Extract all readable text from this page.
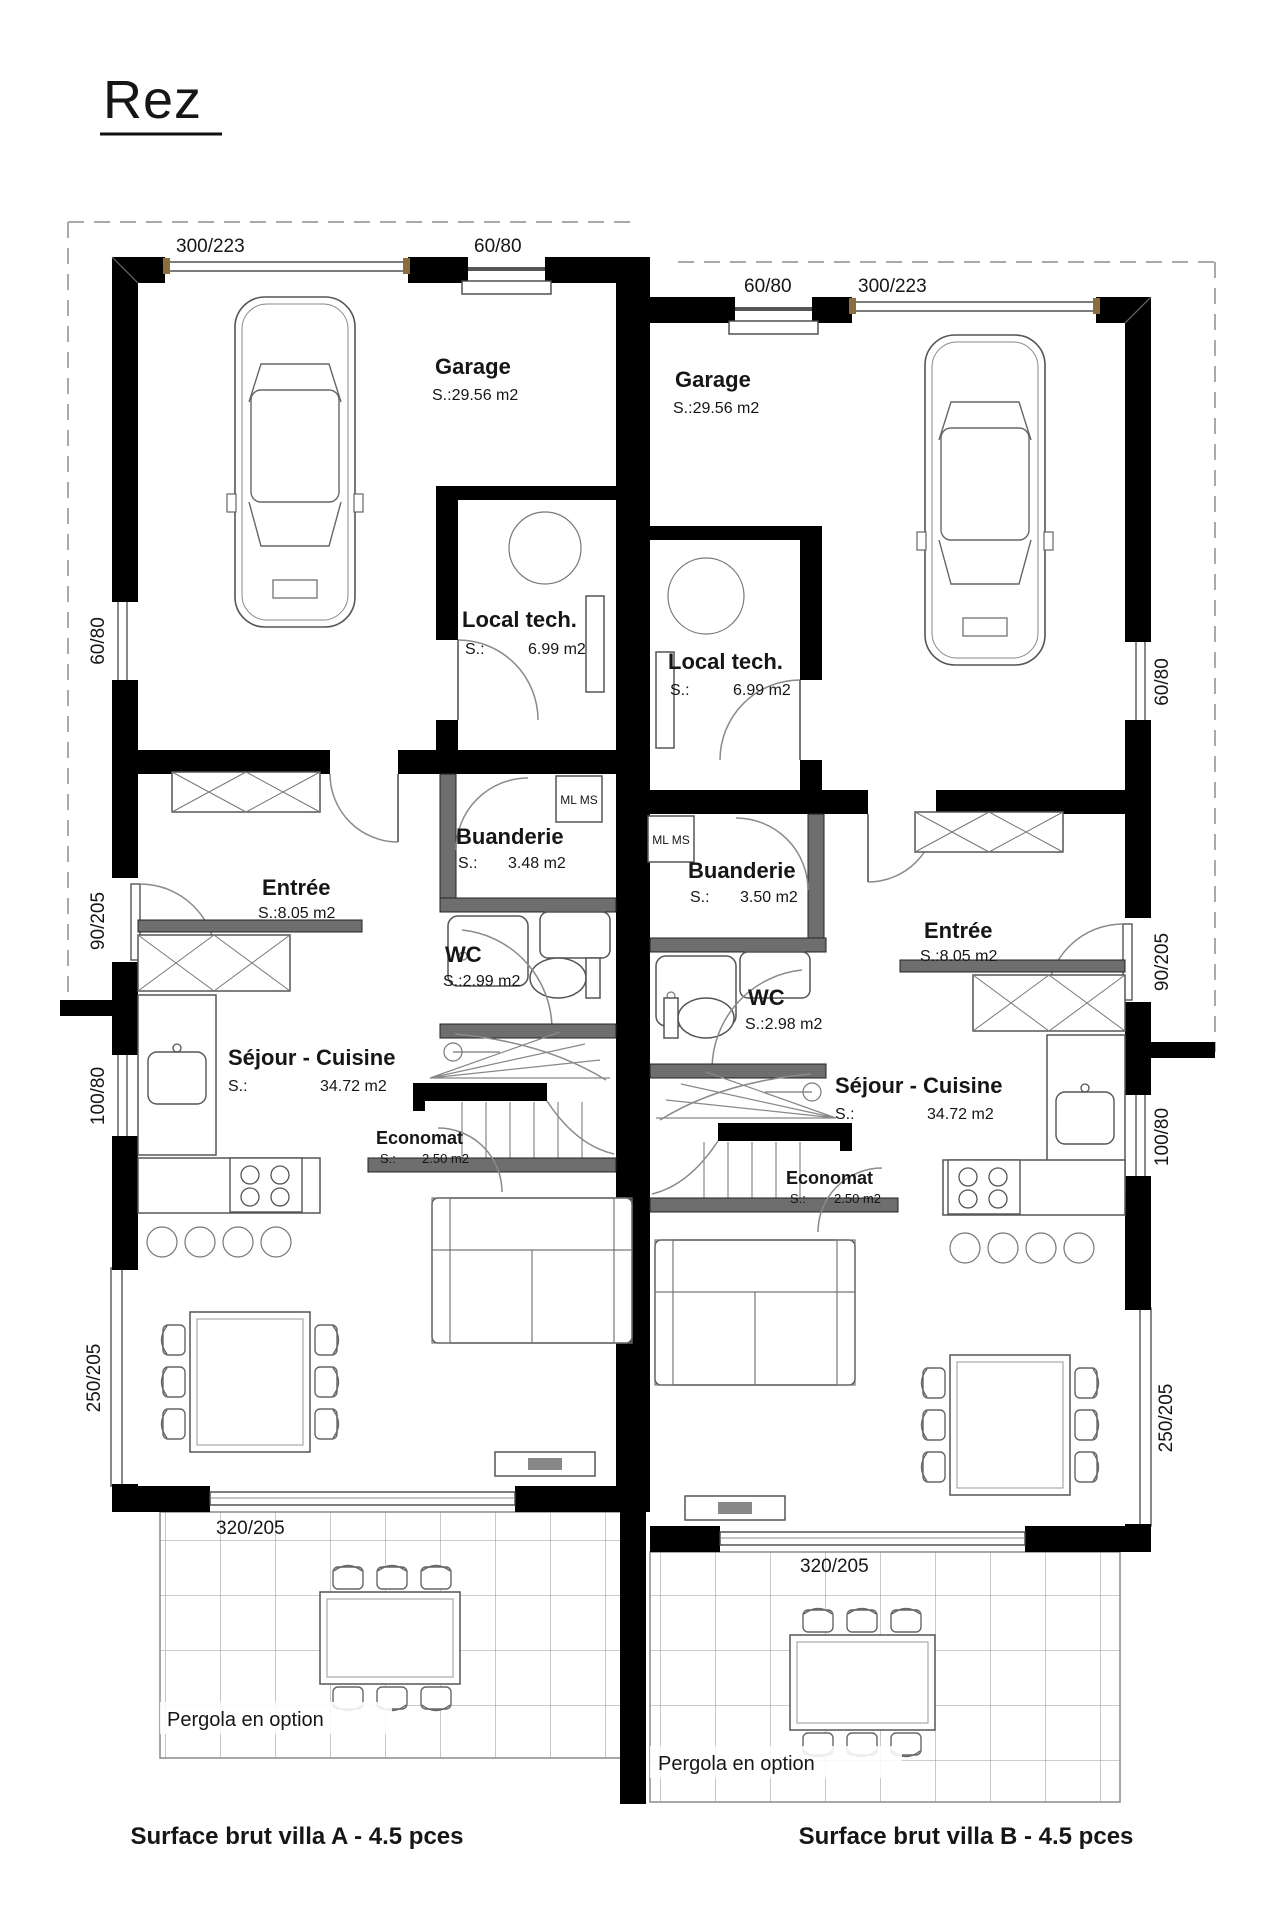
Rez
Pergola en option
Pergola en option
300/223	60/80
60/80
90/205
100/80
250/205
320/205
Garage
S.:29.56 m2
Local tech.
S.:	6.99 m2
ML MS
Buanderie
S.: 3.48 m2
Entrée
S.:8.05 m2
WC
S.:2.99 m2
Séjour - Cuisine
S.:	34.72 m2
Economat
S.: 2.50 m2
Surface brut villa A - 4.5 pces
60/80	300/223
60/80
90/205
100/80
250/205
320/205
Garage
S.:29.56 m2
Local tech.
S.:	6.99 m2
ML MS
Buanderie
S.: 3.50 m2
Entrée
S.:8.05 m2
WC
S.:2.98 m2
Séjour - Cuisine
S.:	34.72 m2
Economat
S.: 2.50 m2
Surface brut villa B - 4.5 pces
